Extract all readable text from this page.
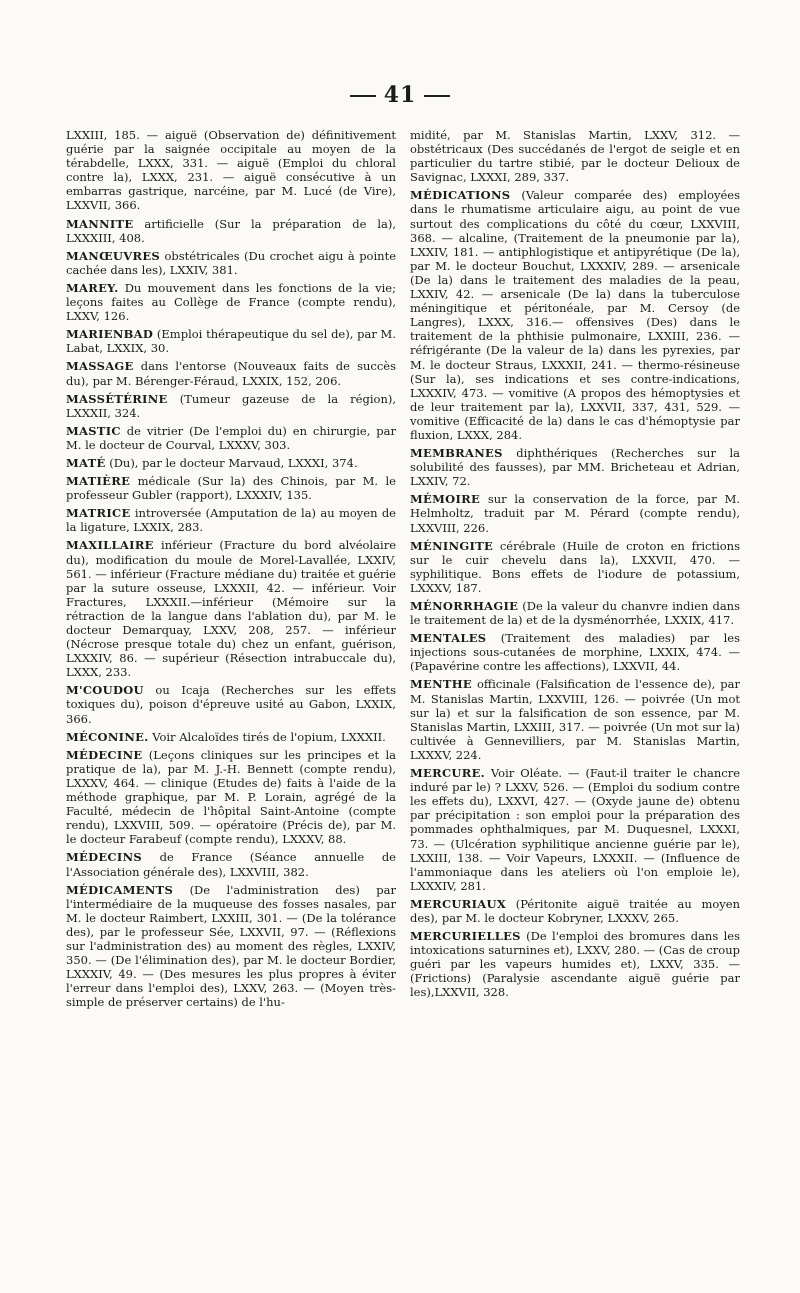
41
LXXIII, 185. — aiguë (Observation de) définitivement guérie par la saignée occipitale au moyen de la térabdelle, LXXX, 331. — aiguë (Emploi du chloral contre la), LXXX, 231. — aiguë consécutive à un embarras gastrique, narcéine, par M. Lucé (de Vire), LXXVII, 366.
MANNITE artificielle (Sur la préparation de la), LXXXIII, 408.
MANŒUVRES obstétricales (Du crochet aigu à pointe cachée dans les), LXXIV, 381.
MAREY. Du mouvement dans les fonctions de la vie; leçons faites au Collège de France (compte rendu), LXXV, 126.
MARIENBAD (Emploi thérapeutique du sel de), par M. Labat, LXXIX, 30.
MASSAGE dans l'entorse (Nouveaux faits de succès du), par M. Bérenger-Féraud, LXXIX, 152, 206.
MASSÉTÉRINE (Tumeur gazeuse de la région), LXXXII, 324.
MASTIC de vitrier (De l'emploi du) en chirurgie, par M. le docteur de Courval, LXXXV, 303.
MATÉ (Du), par le docteur Marvaud, LXXXI, 374.
MATIÈRE médicale (Sur la) des Chinois, par M. le professeur Gubler (rapport), LXXXIV, 135.
MATRICE introversée (Amputation de la) au moyen de la ligature, LXXIX, 283.
MAXILLAIRE inférieur (Fracture du bord alvéolaire du), modification du moule de Morel-Lavallée, LXXIV, 561. — inférieur (Fracture médiane du) traitée et guérie par la suture osseuse, LXXXII, 42. — inférieur. Voir Fractures, LXXXII.—inférieur (Mémoire sur la rétraction de la langue dans l'ablation du), par M. le docteur Demarquay, LXXV, 208, 257. — inférieur (Nécrose presque totale du) chez un enfant, guérison, LXXXIV, 86. — supérieur (Résection intrabuccale du), LXXX, 233.
M'COUDOU ou Icaja (Recherches sur les effets toxiques du), poison d'épreuve usité au Gabon, LXXIX, 366.
MÉCONINE. Voir Alcaloïdes tirés de l'opium, LXXXII.
MÉDECINE (Leçons cliniques sur les principes et la pratique de la), par M. J.-H. Bennett (compte rendu), LXXXV, 464. — clinique (Etudes de) faits à l'aide de la méthode graphique, par M. P. Lorain, agrégé de la Faculté, médecin de l'hôpital Saint-Antoine (compte rendu), LXXVIII, 509. — opératoire (Précis de), par M. le docteur Farabeuf (compte rendu), LXXXV, 88.
MÉDECINS de France (Séance annuelle de l'Association générale des), LXXVIII, 382.
MÉDICAMENTS (De l'administration des) par l'intermédiaire de la muqueuse des fosses nasales, par M. le docteur Raimbert, LXXIII, 301. — (De la tolérance des), par le professeur Sée, LXXVII, 97. — (Réflexions sur l'administration des) au moment des règles, LXXIV, 350. — (De l'élimination des), par M. le docteur Bordier, LXXXIV, 49. — (Des mesures les plus propres à éviter l'erreur dans l'emploi des), LXXV, 263. — (Moyen très-simple de préserver certains) de l'hu-
midité, par M. Stanislas Martin, LXXV, 312. — obstétricaux (Des succédanés de l'ergot de seigle et en particulier du tartre stibié, par le docteur Delioux de Savignac, LXXXI, 289, 337.
MÉDICATIONS (Valeur comparée des) employées dans le rhumatisme articulaire aigu, au point de vue surtout des complications du côté du cœur, LXXVIII, 368. — alcaline, (Traitement de la pneumonie par la), LXXIV, 181. — antiphlogistique et antipyrétique (De la), par M. le docteur Bouchut, LXXXIV, 289. — arsenicale (De la) dans le traitement des maladies de la peau, LXXIV, 42. — arsenicale (De la) dans la tuberculose méningitique et péritonéale, par M. Cersoy (de Langres), LXXX, 316.— offensives (Des) dans le traitement de la phthisie pulmonaire, LXXIII, 236. — réfrigérante (De la valeur de la) dans les pyrexies, par M. le docteur Straus, LXXXII, 241. — thermo-résineuse (Sur la), ses indications et ses contre-indications, LXXXIV, 473. — vomitive (A propos des hémoptysies et de leur traitement par la), LXXVII, 337, 431, 529. — vomitive (Efficacité de la) dans le cas d'hémoptysie par fluxion, LXXX, 284.
MEMBRANES diphthériques (Recherches sur la solubilité des fausses), par MM. Bricheteau et Adrian, LXXIV, 72.
MÉMOIRE sur la conservation de la force, par M. Helmholtz, traduit par M. Pérard (compte rendu), LXXVIII, 226.
MÉNINGITE cérébrale (Huile de croton en frictions sur le cuir chevelu dans la), LXXVII, 470. — syphilitique. Bons effets de l'iodure de potassium, LXXXV, 187.
MÉNORRHAGIE (De la valeur du chanvre indien dans le traitement de la) et de la dysménorrhée, LXXIX, 417.
MENTALES (Traitement des maladies) par les injections sous-cutanées de morphine, LXXIX, 474. — (Papavérine contre les affections), LXXVII, 44.
MENTHE officinale (Falsification de l'essence de), par M. Stanislas Martin, LXXVIII, 126. — poivrée (Un mot sur la) et sur la falsification de son essence, par M. Stanislas Martin, LXXIII, 317. — poivrée (Un mot sur la) cultivée à Gennevilliers, par M. Stanislas Martin, LXXXV, 224.
MERCURE. Voir Oléate. — (Faut-il traiter le chancre induré par le) ? LXXV, 526. — (Emploi du sodium contre les effets du), LXXVI, 427. — (Oxyde jaune de) obtenu par précipitation : son emploi pour la préparation des pommades ophthalmiques, par M. Duquesnel, LXXXI, 73. — (Ulcération syphilitique ancienne guérie par le), LXXIII, 138. — Voir Vapeurs, LXXXII. — (Influence de l'ammoniaque dans les ateliers où l'on emploie le), LXXXIV, 281.
MERCURIAUX (Péritonite aiguë traitée au moyen des), par M. le docteur Kobryner, LXXXV, 265.
MERCURIELLES (De l'emploi des bromures dans les intoxications saturnines et), LXXV, 280. — (Cas de croup guéri par les vapeurs humides et), LXXV, 335. — (Frictions) (Paralysie ascendante aiguë guérie par les),LXXVII, 328.
